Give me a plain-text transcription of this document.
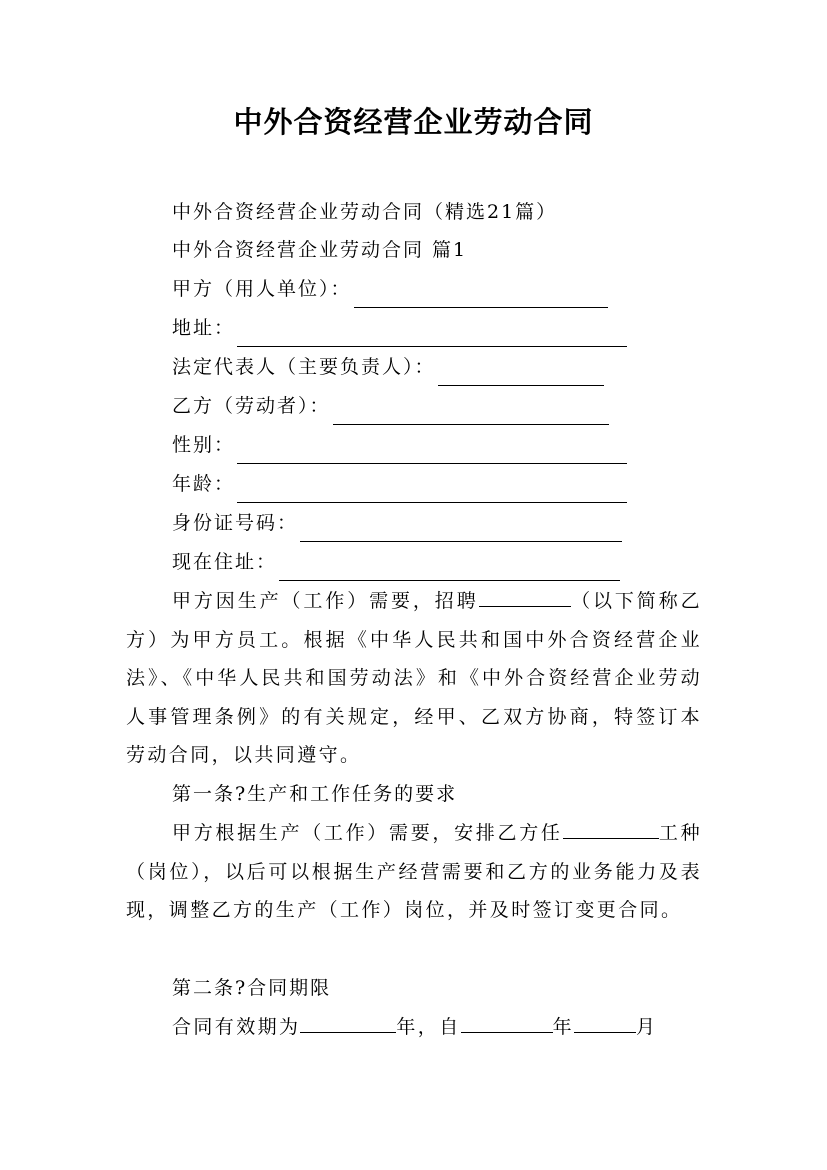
中外合资经营企业劳动合同
中外合资经营企业劳动合同（精选21篇）
中外合资经营企业劳动合同 篇1
甲方（用人单位）：
地址：
法定代表人（主要负责人）：
乙方（劳动者）：
性别：
年龄：
身份证号码：
现在住址：
甲方因生产（工作）需要，招聘	（以下简称乙方）为甲方员工。根据《中华人民共和国中外合资经营企业法》、《中华人民共和国劳动法》和《中外合资经营企业劳动人事管理条例》的有关规定，经甲、乙双方协商，特签订本劳动合同，以共同遵守。
第一条?生产和工作任务的要求
甲方根据生产（工作）需要，安排乙方任	工种（岗位），以后可以根据生产经营需要和乙方的业务能力及表现，调整乙方的生产（工作）岗位，并及时签订变更合同。
第二条?合同期限
合同有效期为	年，自	年	月
